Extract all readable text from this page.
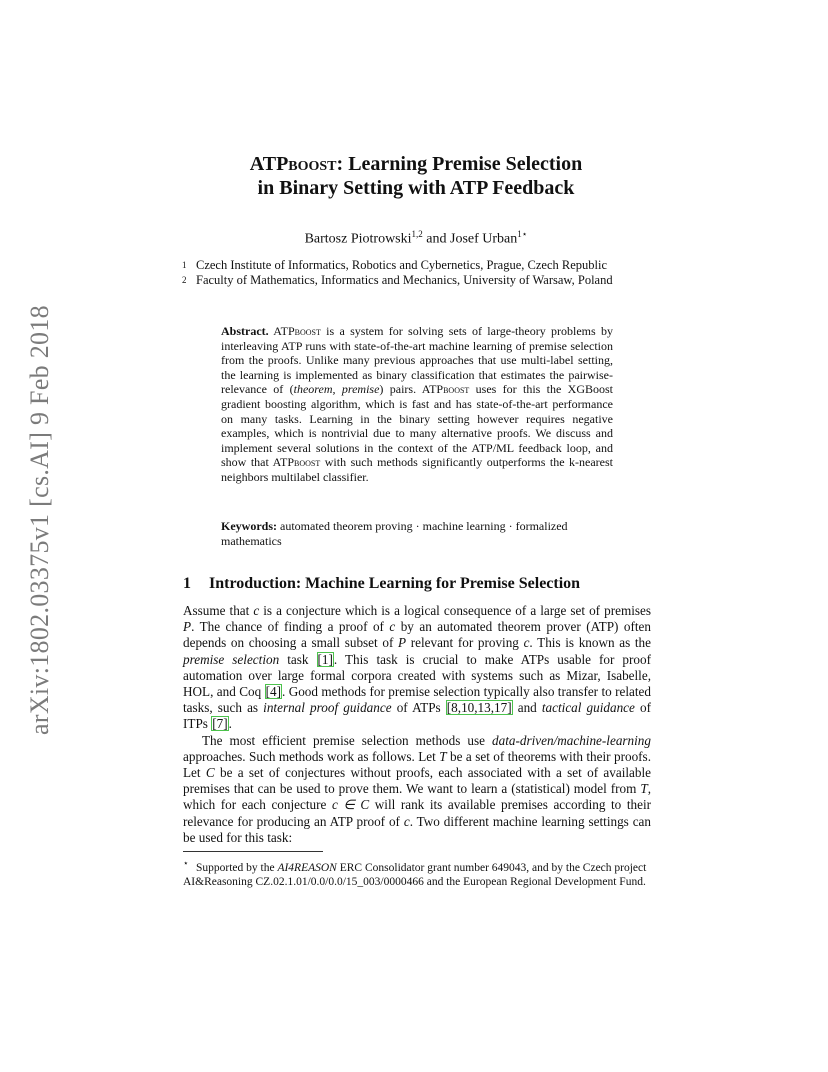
arXiv:1802.03375v1 [cs.AI] 9 Feb 2018
ATPboost: Learning Premise Selection
in Binary Setting with ATP Feedback
Bartosz Piotrowski$^{1,2}$ and Josef Urban$^{1⋆}$
1 Czech Institute of Informatics, Robotics and Cybernetics, Prague, Czech Republic
2 Faculty of Mathematics, Informatics and Mechanics, University of Warsaw, Poland
Abstract. ATPboost is a system for solving sets of large-theory problems by interleaving ATP runs with state-of-the-art machine learning of premise selection from the proofs. Unlike many previous approaches that use multi-label setting, the learning is implemented as binary classification that estimates the pairwise-relevance of (theorem, premise) pairs. ATPboost uses for this the XGBoost gradient boosting algorithm, which is fast and has state-of-the-art performance on many tasks. Learning in the binary setting however requires negative examples, which is nontrivial due to many alternative proofs. We discuss and implement several solutions in the context of the ATP/ML feedback loop, and show that ATPboost with such methods significantly outperforms the k-nearest neighbors multilabel classifier.
Keywords: automated theorem proving · machine learning · formalized mathematics
1 Introduction: Machine Learning for Premise Selection

Assume that c is a conjecture which is a logical consequence of a large set of premises P. The chance of finding a proof of c by an automated theorem prover (ATP) often depends on choosing a small subset of P relevant for proving c. This is known as the premise selection task [1]. This task is crucial to make ATPs usable for proof automation over large formal corpora created with systems such as Mizar, Isabelle, HOL, and Coq [4]. Good methods for premise selection typically also transfer to related tasks, such as internal proof guidance of ATPs [8,10,13,17] and tactical guidance of ITPs [7].

The most efficient premise selection methods use data-driven/machine-learning approaches. Such methods work as follows. Let T be a set of theorems with their proofs. Let C be a set of conjectures without proofs, each associated with a set of available premises that can be used to prove them. We want to learn a (statistical) model from T, which for each conjecture c ∈ C will rank its available premises according to their relevance for producing an ATP proof of c. Two different machine learning settings can be used for this task:

⋆ Supported by the AI4REASON ERC Consolidator grant number 649043, and by the Czech project AI&Reasoning CZ.02.1.01/0.0/0.0/15_003/0000466 and the European Regional Development Fund.
